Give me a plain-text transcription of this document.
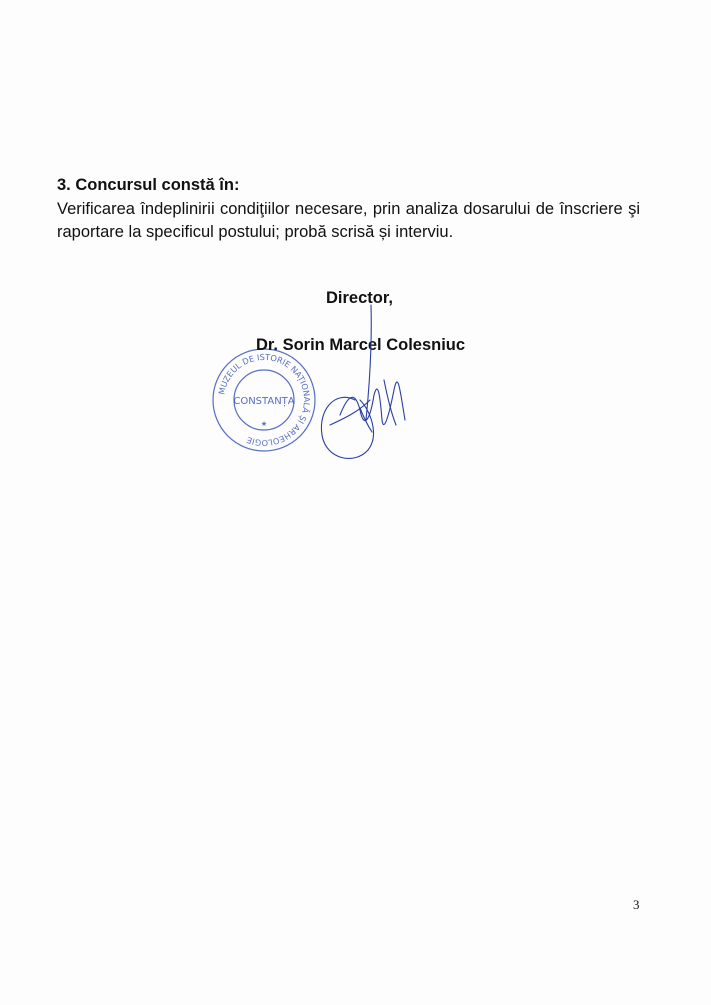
3. Concursul constă în:

Verificarea îndeplinirii condiţiilor necesare, prin analiza dosarului de înscriere şi
raportare la specificul postului; probă scrisă și interviu.

Director,
MUZEUL DE ISTORIE NAȚIONALĂ ȘI ARHEOLOGIE
CONSTANȚA
★
Dr. Sorin Marcel Colesniuc
3
